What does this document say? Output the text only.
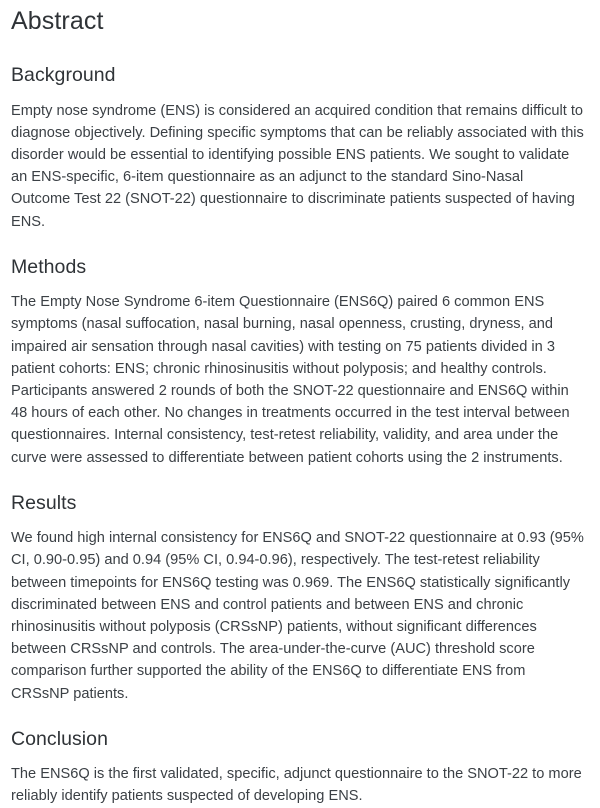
Abstract
Background

Empty nose syndrome (ENS) is considered an acquired condition that remains difficult to diagnose objectively. Defining specific symptoms that can be reliably associated with this disorder would be essential to identifying possible ENS patients. We sought to validate an ENS-specific, 6-item questionnaire as an adjunct to the standard Sino-Nasal Outcome Test 22 (SNOT-22) questionnaire to discriminate patients suspected of having ENS.

Methods

The Empty Nose Syndrome 6-item Questionnaire (ENS6Q) paired 6 common ENS symptoms (nasal suffocation, nasal burning, nasal openness, crusting, dryness, and impaired air sensation through nasal cavities) with testing on 75 patients divided in 3 patient cohorts: ENS; chronic rhinosinusitis without polyposis; and healthy controls. Participants answered 2 rounds of both the SNOT-22 questionnaire and ENS6Q within 48 hours of each other. No changes in treatments occurred in the test interval between questionnaires. Internal consistency, test-retest reliability, validity, and area under the curve were assessed to differentiate between patient cohorts using the 2 instruments.

Results

We found high internal consistency for ENS6Q and SNOT-22 questionnaire at 0.93 (95% CI, 0.90-0.95) and 0.94 (95% CI, 0.94-0.96), respectively. The test-retest reliability between timepoints for ENS6Q testing was 0.969. The ENS6Q statistically significantly discriminated between ENS and control patients and between ENS and chronic rhinosinusitis without polyposis (CRSsNP) patients, without significant differences between CRSsNP and controls. The area-under-the-curve (AUC) threshold score comparison further supported the ability of the ENS6Q to differentiate ENS from CRSsNP patients.

Conclusion

The ENS6Q is the first validated, specific, adjunct questionnaire to the SNOT-22 to more reliably identify patients suspected of developing ENS.
